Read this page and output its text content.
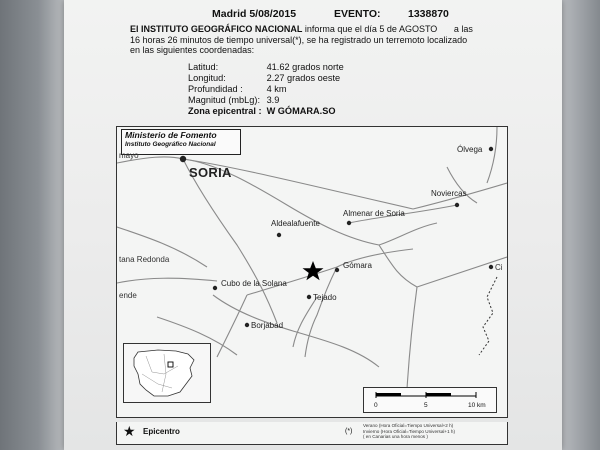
Madrid 5/08/2015	EVENTO:	1338870

El INSTITUTO GEOGRÁFICO NACIONAL informa que el día 5 de AGOSTO a las

16 horas 26 minutos de tiempo universal(*), se ha registrado un terremoto localizado

en las siguientes coordenadas:

Latitud:	41.62 grados norte
Longitud:	2.27 grados oeste
Profundidad :	4 km
Magnitud (mbLg): 3.9
Zona epicentral : W GÓMARA.SO
Ministerio de Fomento
Instituto Geográfico Nacional
mayo
SORIA
Ólvega
Noviercas
Aldealafuente
Almenar de Soria
Gómara
tana Redonda
Cubo de la Solana
Tejado
Borjabad
ende
Ci
0	5	10 km
★ Epicentro	(*)
Verano (Hora Oficial=Tiempo Universal+2 h)
Invierno (Hora Oficial=Tiempo Universal+1 h)
( en Canarias una hora menos )
